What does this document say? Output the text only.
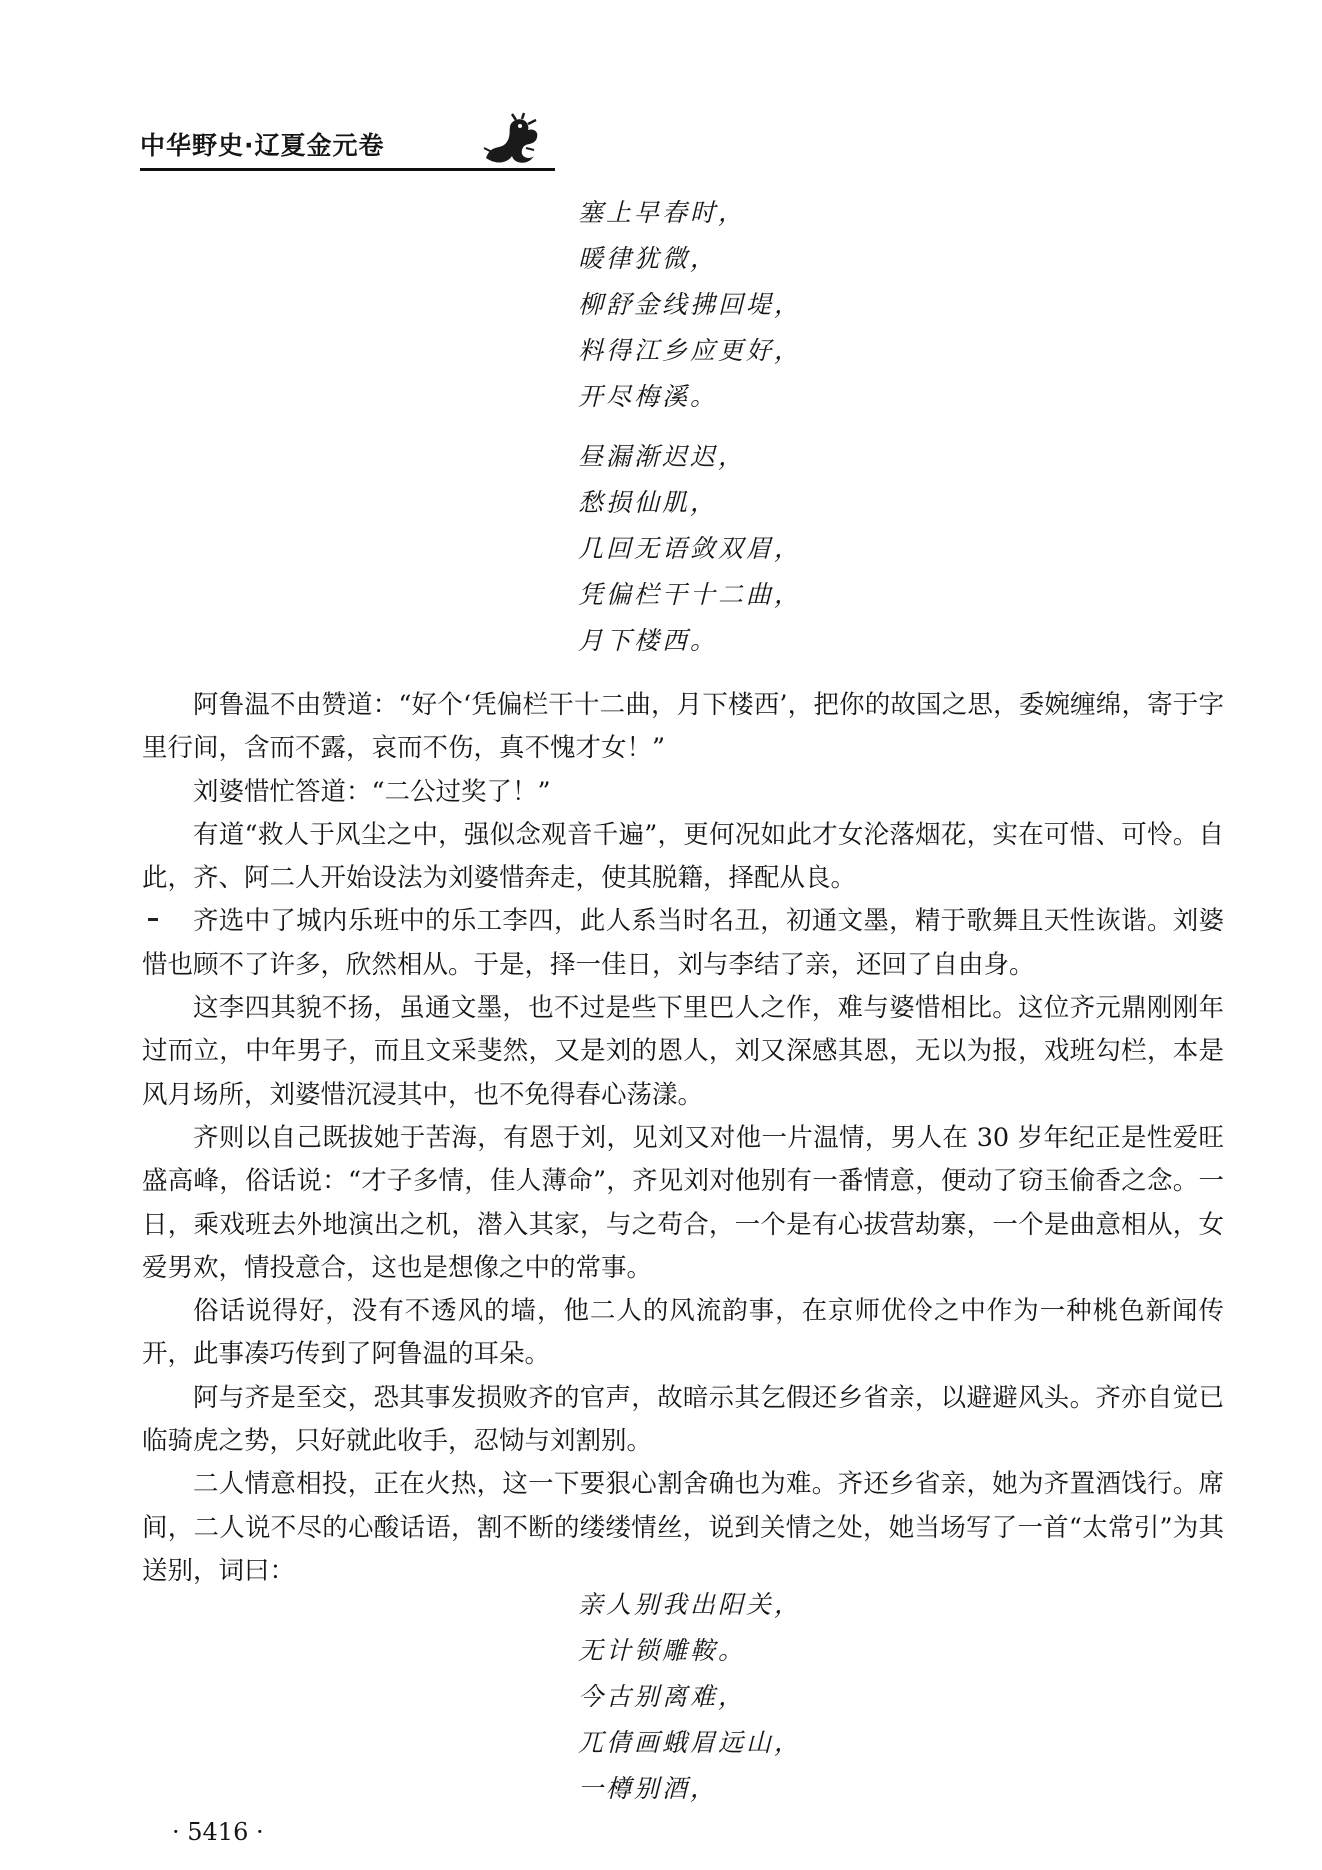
中华野史·辽夏金元卷
塞上早春时，
暖律犹微，
柳舒金线拂回堤，
料得江乡应更好，
开尽梅溪。
昼漏渐迟迟，
愁损仙肌，
几回无语敛双眉，
凭偏栏干十二曲，
月下楼西。

阿鲁温不由赞道：“好个‘凭偏栏干十二曲，月下楼西’，把你的故国之思，委婉缠绵，寄于字里行间，含而不露，哀而不伤，真不愧才女！”

刘婆惜忙答道：“二公过奖了！”

有道“救人于风尘之中，强似念观音千遍”，更何况如此才女沦落烟花，实在可惜、可怜。自此，齐、阿二人开始设法为刘婆惜奔走，使其脱籍，择配从良。

齐选中了城内乐班中的乐工李四，此人系当时名丑，初通文墨，精于歌舞且天性诙谐。刘婆惜也顾不了许多，欣然相从。于是，择一佳日，刘与李结了亲，还回了自由身。

这李四其貌不扬，虽通文墨，也不过是些下里巴人之作，难与婆惜相比。这位齐元鼎刚刚年过而立，中年男子，而且文采斐然，又是刘的恩人，刘又深感其恩，无以为报，戏班勾栏，本是风月场所，刘婆惜沉浸其中，也不免得春心荡漾。

齐则以自己既拔她于苦海，有恩于刘，见刘又对他一片温情，男人在 30 岁年纪正是性爱旺盛高峰，俗话说：“才子多情，佳人薄命”，齐见刘对他别有一番情意，便动了窃玉偷香之念。一日，乘戏班去外地演出之机，潜入其家，与之苟合，一个是有心拔营劫寨，一个是曲意相从，女爱男欢，情投意合，这也是想像之中的常事。

俗话说得好，没有不透风的墙，他二人的风流韵事，在京师优伶之中作为一种桃色新闻传开，此事凑巧传到了阿鲁温的耳朵。

阿与齐是至交，恐其事发损败齐的官声，故暗示其乞假还乡省亲，以避避风头。齐亦自觉已临骑虎之势，只好就此收手，忍恸与刘割别。

二人情意相投，正在火热，这一下要狠心割舍确也为难。齐还乡省亲，她为齐置酒饯行。席间，二人说不尽的心酸话语，割不断的缕缕情丝，说到关情之处，她当场写了一首“太常引”为其送别，词曰：

亲人别我出阳关，
无计锁雕鞍。
今古别离难，
兀倩画蛾眉远山，
一樽别酒，
· 5416 ·
